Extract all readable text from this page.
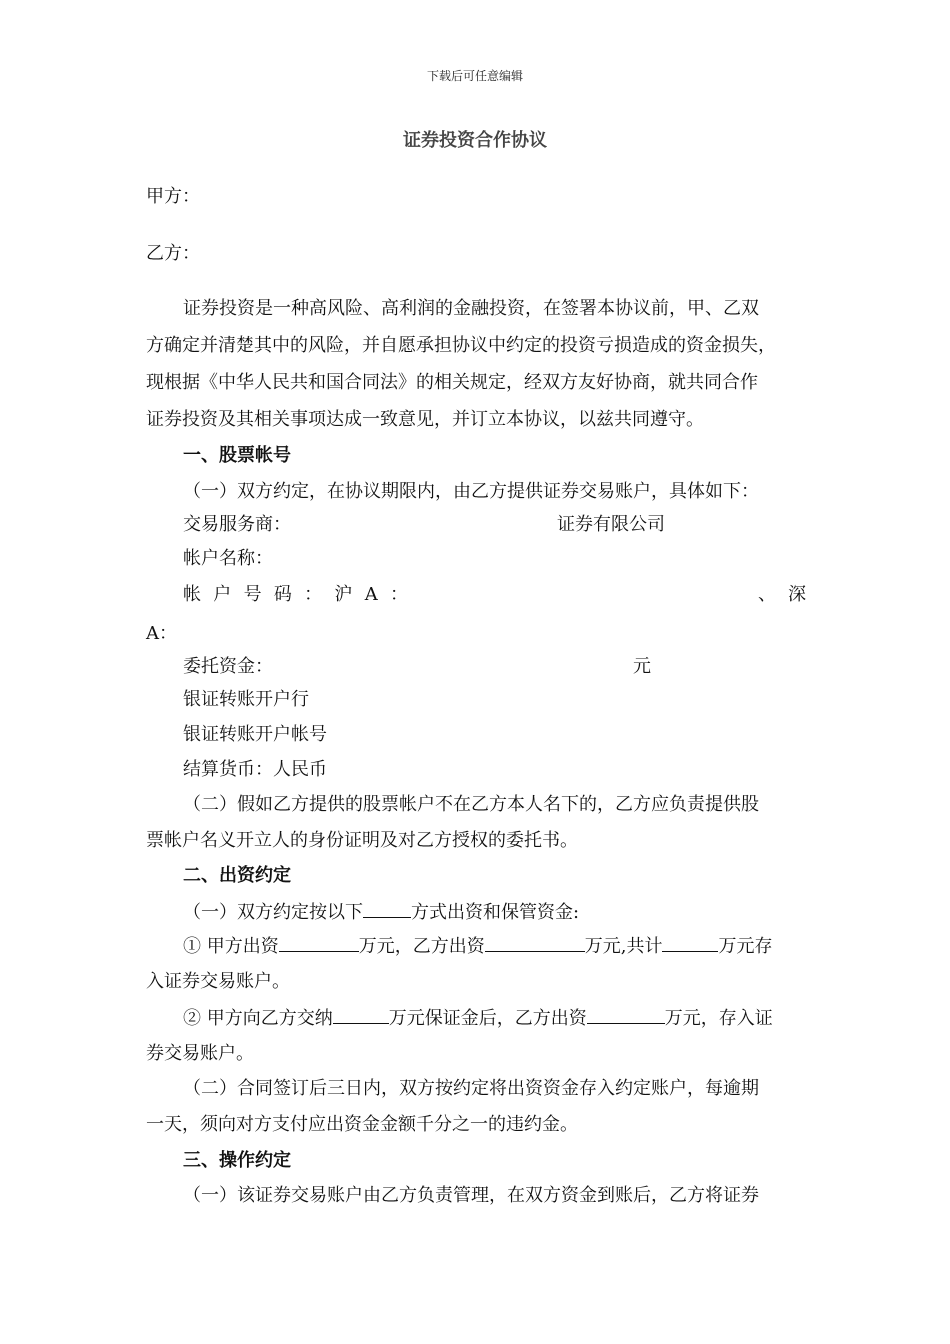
下载后可任意编辑
证券投资合作协议
甲方：
乙方：
证券投资是一种高风险、高利润的金融投资，在签署本协议前，甲、乙双
方确定并清楚其中的风险，并自愿承担协议中约定的投资亏损造成的资金损失，
现根据《中华人民共和国合同法》的相关规定，经双方友好协商，就共同合作
证券投资及其相关事项达成一致意见，并订立本协议，以兹共同遵守。
一、股票帐号
（一）双方约定，在协议期限内，由乙方提供证券交易账户，具体如下：
交易服务商：	证券有限公司
帐户名称：
帐 户 号 码 ： 沪 A ：	、 深
A：
委托资金：	元
银证转账开户行
银证转账开户帐号
结算货币：人民币
（二）假如乙方提供的股票帐户不在乙方本人名下的，乙方应负责提供股
票帐户名义开立人的身份证明及对乙方授权的委托书。
二、出资约定
（一）双方约定按以下	方式出资和保管资金:
① 甲方出资	万元，乙方出资	万元,共计	万元存
入证券交易账户。
② 甲方向乙方交纳	万元保证金后，乙方出资	万元，存入证
券交易账户。
（二）合同签订后三日内，双方按约定将出资资金存入约定账户，每逾期
一天，须向对方支付应出资金金额千分之一的违约金。
三、操作约定
（一）该证券交易账户由乙方负责管理，在双方资金到账后，乙方将证券
